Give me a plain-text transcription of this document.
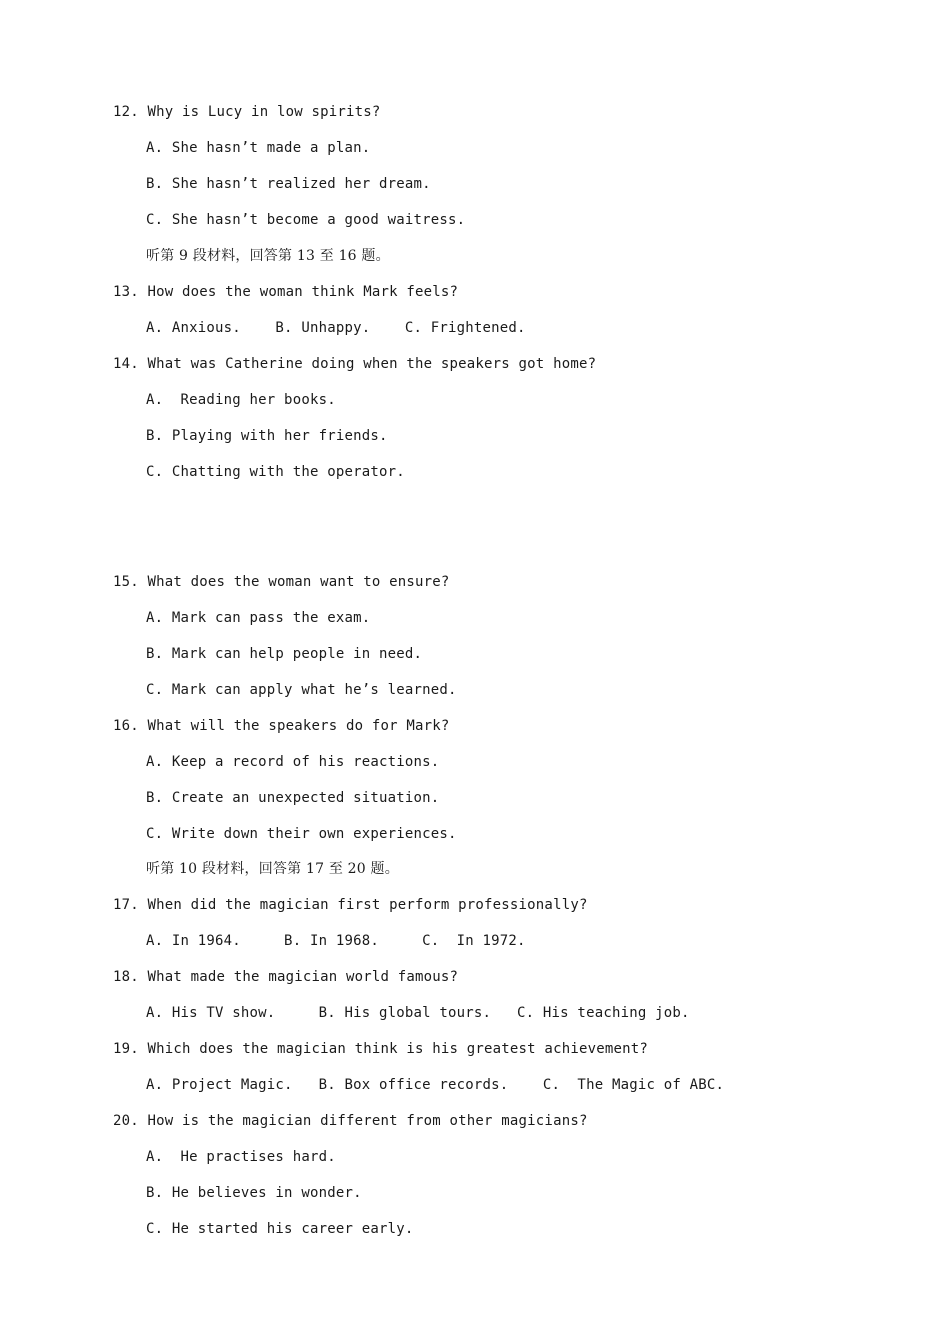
12. Why is Lucy in low spirits?
A. She hasn’t made a plan.
B. She hasn’t realized her dream.
C. She hasn’t become a good waitress.
听第 9 段材料，回答第 13 至 16 题。
13. How does the woman think Mark feels?
A. Anxious.    B. Unhappy.    C. Frightened.
14. What was Catherine doing when the speakers got home?
A.  Reading her books.
B. Playing with her friends.
C. Chatting with the operator.
15. What does the woman want to ensure?
A. Mark can pass the exam.
B. Mark can help people in need.
C. Mark can apply what he’s learned.
16. What will the speakers do for Mark?
A. Keep a record of his reactions.
B. Create an unexpected situation.
C. Write down their own experiences.
听第 10 段材料，回答第 17 至 20 题。
17. When did the magician first perform professionally?
A. In 1964.     B. In 1968.     C.  In 1972.
18. What made the magician world famous?
A. His TV show.     B. His global tours.   C. His teaching job.
19. Which does the magician think is his greatest achievement?
A. Project Magic.   B. Box office records.    C.  The Magic of ABC.
20. How is the magician different from other magicians?
A.  He practises hard.
B. He believes in wonder.
C. He started his career early.
